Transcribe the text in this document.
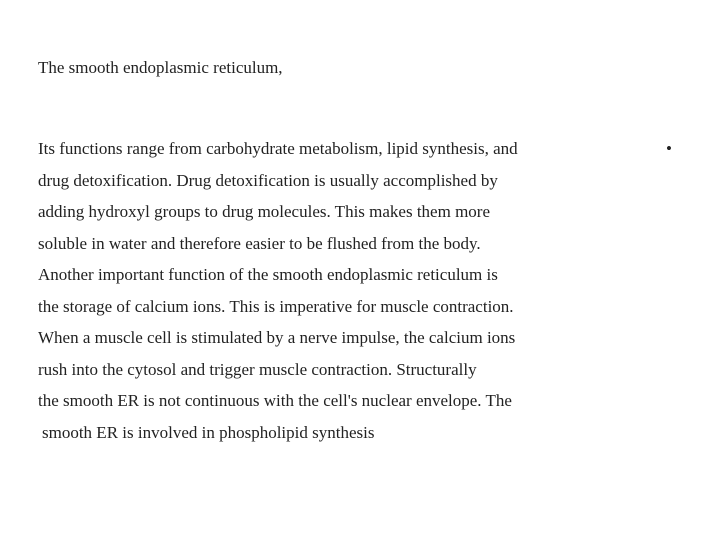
The smooth endoplasmic reticulum,
Its functions range from carbohydrate metabolism, lipid synthesis, and
drug detoxification. Drug detoxification is usually accomplished by
adding hydroxyl groups to drug molecules. This makes them more
soluble in water and therefore easier to be flushed from the body.
Another important function of the smooth endoplasmic reticulum is
the storage of calcium ions. This is imperative for muscle contraction.
When a muscle cell is stimulated by a nerve impulse, the calcium ions
rush into the cytosol and trigger muscle contraction. Structurally
the smooth ER is not continuous with the cell's nuclear envelope. The
smooth ER is involved in phospholipid synthesis
•
